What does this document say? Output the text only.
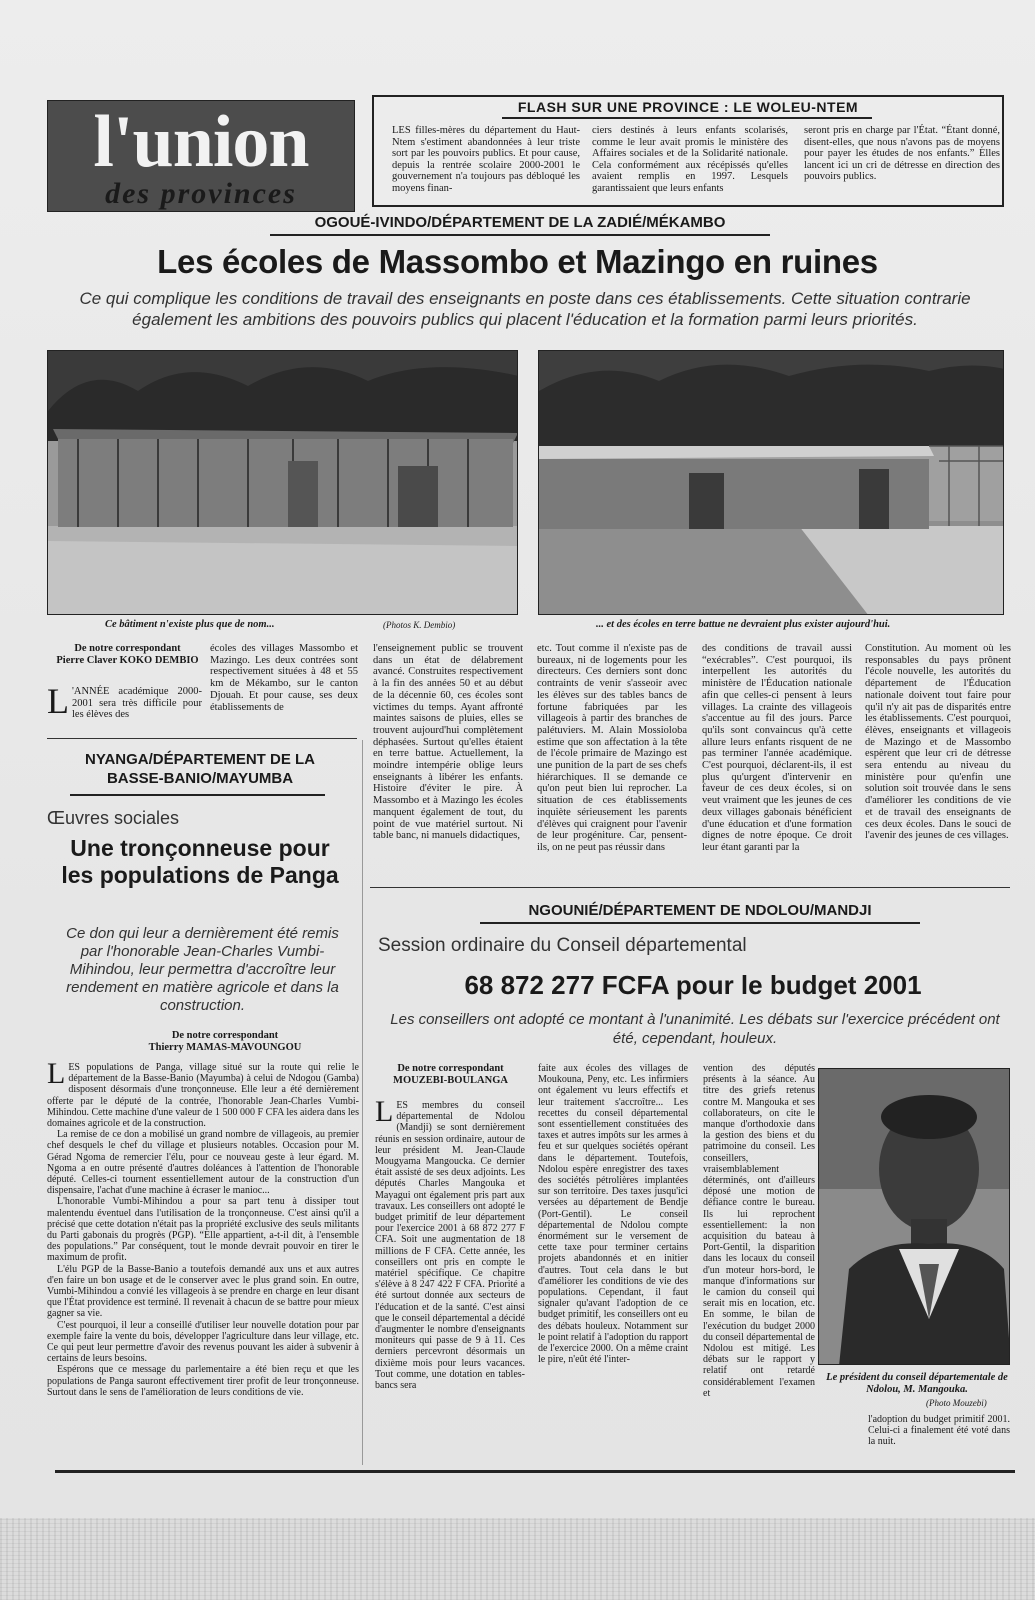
l'union
des provinces
FLASH SUR UNE PROVINCE : LE WOLEU-NTEM
LES filles-mères du département du Haut-Ntem s'estiment abandonnées à leur triste sort par les pouvoirs publics. Et pour cause, depuis la rentrée scolaire 2000-2001 le gouvernement n'a toujours pas débloqué les moyens finan-
ciers destinés à leurs enfants scolarisés, comme le leur avait promis le ministère des Affaires sociales et de la Solidarité nationale. Cela conformément aux récépissés qu'elles avaient remplis en 1997. Lesquels garantissaient que leurs enfants
seront pris en charge par l'État. “Étant donné, disent-elles, que nous n'avons pas de moyens pour payer les études de nos enfants.” Elles lancent ici un cri de détresse en direction des pouvoirs publics.
OGOUÉ-IVINDO/DÉPARTEMENT DE LA ZADIÉ/MÉKAMBO
Les écoles de Massombo et Mazingo en ruines
Ce qui complique les conditions de travail des enseignants en poste dans ces établissements. Cette situation contrarie également les ambitions des pouvoirs publics qui placent l'éducation et la formation parmi leurs priorités.
Ce bâtiment n'existe plus que de nom...	(Photos K. Dembio)	... et des écoles en terre battue ne devraient plus exister aujourd'hui.
De notre correspondant
Pierre Claver KOKO DEMBIO
L 'ANNÉE académique 2000-2001 sera très difficile pour les élèves des
écoles des villages Massombo et Mazingo. Les deux contrées sont respectivement situées à 48 et 55 km de Mékambo, sur le canton Djouah. Et pour cause, ses deux établissements de
l'enseignement public se trouvent dans un état de délabrement avancé. Construites respectivement à la fin des années 50 et au début de la décennie 60, ces écoles sont victimes du temps. Ayant affronté maintes saisons de pluies, elles se trouvent aujourd'hui complètement déphasées. Surtout qu'elles étaient en terre battue. Actuellement, la moindre intempérie oblige leurs enseignants à libérer les enfants. Histoire d'éviter le pire. À Massombo et à Mazingo les écoles manquent également de tout, du point de vue matériel surtout. Ni table banc, ni manuels didactiques,
etc. Tout comme il n'existe pas de bureaux, ni de logements pour les directeurs. Ces derniers sont donc contraints de venir s'asseoir avec les élèves sur des tables bancs de fortune fabriquées par les villageois à partir des branches de palétuviers. M. Alain Mossioloba estime que son affectation à la tête de l'école primaire de Mazingo est une punition de la part de ses chefs hiérarchiques. Il se demande ce qu'on peut bien lui reprocher. La situation de ces établissements inquiète sérieusement les parents d'élèves qui craignent pour l'avenir de leur progéniture. Car, pensent-ils, on ne peut pas réussir dans
des conditions de travail aussi “exécrables”. C'est pourquoi, ils interpellent les autorités du ministère de l'Éducation nationale afin que celles-ci pensent à leurs villages. La crainte des villageois s'accentue au fil des jours. Parce qu'ils sont convaincus qu'à cette allure leurs enfants risquent de ne pas terminer l'année académique. C'est pourquoi, déclarent-ils, il est plus qu'urgent d'intervenir en faveur de ces deux écoles, si on veut vraiment que les jeunes de ces deux villages gabonais bénéficient d'une éducation et d'une formation dignes de notre époque. Ce droit leur étant garanti par la
Constitution. Au moment où les responsables du pays prônent l'école nouvelle, les autorités du département de l'Éducation nationale doivent tout faire pour qu'il n'y ait pas de disparités entre les établissements. C'est pourquoi, élèves, enseignants et villageois de Mazingo et de Massombo espèrent que leur cri de détresse sera entendu au niveau du ministère pour qu'enfin une solution soit trouvée dans le sens d'améliorer les conditions de vie et de travail des enseignants de ces deux écoles. Dans le souci de l'avenir des jeunes de ces villages.
NYANGA/DÉPARTEMENT DE LA BASSE-BANIO/MAYUMBA
Œuvres sociales
Une tronçonneuse pour les populations de Panga
Ce don qui leur a dernièrement été remis par l'honorable Jean-Charles Vumbi-Mihindou, leur permettra d'accroître leur rendement en matière agricole et dans la construction.
De notre correspondant
Thierry MAMAS-MAVOUNGOU
LES populations de Panga, village situé sur la route qui relie le département de la Basse-Banio (Mayumba) à celui de Ndogou (Gamba) disposent désormais d'une tronçonneuse. Elle leur a été dernièrement offerte par le député de la contrée, l'honorable Jean-Charles Vumbi-Mihindou. Cette machine d'une valeur de 1 500 000 F CFA les aidera dans les domaines agricole et de la construction.

La remise de ce don a mobilisé un grand nombre de villageois, au premier chef desquels le chef du village et plusieurs notables. Occasion pour M. Gérad Ngoma de remercier l'élu, pour ce nouveau geste à leur égard. M. Ngoma a en outre présenté d'autres doléances à l'attention de l'honorable député. Celles-ci tournent essentiellement autour de la construction d'un dispensaire, l'achat d'une machine à écraser le manioc...

L'honorable Vumbi-Mihindou a pour sa part tenu à dissiper tout malentendu éventuel dans l'utilisation de la tronçonneuse. C'est ainsi qu'il a précisé que cette dotation n'était pas la propriété exclusive des seuls militants du Parti gabonais du progrès (PGP). “Elle appartient, a-t-il dit, à l'ensemble des populations.” Par conséquent, tout le monde devrait pouvoir en tirer le maximum de profit.

L'élu PGP de la Basse-Banio a toutefois demandé aux uns et aux autres d'en faire un bon usage et de le conserver avec le plus grand soin. En outre, Vumbi-Mihindou a convié les villageois à se prendre en charge en leur disant que l'État providence est terminé. Il revenait à chacun de se battre pour mieux gagner sa vie.

C'est pourquoi, il leur a conseillé d'utiliser leur nouvelle dotation pour par exemple faire la vente du bois, développer l'agriculture dans leur village, etc. Ce qui peut leur permettre d'avoir des revenus pouvant les aider à subvenir à certains de leurs besoins.

Espérons que ce message du parlementaire a été bien reçu et que les populations de Panga sauront effectivement tirer profit de leur tronçonneuse. Surtout dans le sens de l'amélioration de leurs conditions de vie.

NGOUNIÉ/DÉPARTEMENT DE NDOLOU/MANDJI
Session ordinaire du Conseil départemental
68 872 277 FCFA pour le budget 2001
Les conseillers ont adopté ce montant à l'unanimité. Les débats sur l'exercice précédent ont été, cependant, houleux.
De notre correspondant
MOUZEBI-BOULANGA
LES membres du conseil départemental de Ndolou (Mandji) se sont dernièrement réunis en session ordinaire, autour de leur président M. Jean-Claude Mougyama Mangoucka. Ce dernier était assisté de ses deux adjoints. Les députés Charles Mangouka et Mayagui ont également pris part aux travaux. Les conseillers ont adopté le budget primitif de leur département pour l'exercice 2001 à 68 872 277 F CFA. Soit une augmentation de 18 millions de F CFA. Cette année, les conseillers ont pris en compte le matériel spécifique. Ce chapitre s'élève à 8 247 422 F CFA. Priorité a été surtout donnée aux secteurs de l'éducation et de la santé. C'est ainsi que le conseil départemental a décidé d'augmenter le nombre d'enseignants moniteurs qui passe de 9 à 11. Ces derniers percevront désormais un dixième mois pour leurs vacances. Tout comme, une dotation en tables-bancs sera
faite aux écoles des villages de Moukouna, Peny, etc. Les infirmiers ont également vu leurs effectifs et leur traitement s'accroître... Les recettes du conseil départemental sont essentiellement constituées des taxes et autres impôts sur les armes à feu et sur quelques sociétés opérant dans le département. Toutefois, Ndolou espère enregistrer des taxes des sociétés pétrolières implantées sur son territoire. Des taxes jusqu'ici versées au département de Bendje (Port-Gentil). Le conseil départemental de Ndolou compte énormément sur le versement de cette taxe pour terminer certains projets abandonnés et en initier d'autres. Tout cela dans le but d'améliorer les conditions de vie des populations. Cependant, il faut signaler qu'avant l'adoption de ce budget primitif, les conseillers ont eu des débats houleux. Notamment sur le point relatif à l'adoption du rapport de l'exercice 2000. On a même craint le pire, n'eût été l'inter-
vention des députés présents à la séance. Au titre des griefs retenus contre M. Mangouka et ses collaborateurs, on cite le manque d'orthodoxie dans la gestion des biens et du patrimoine du conseil. Les conseillers, vraisemblablement déterminés, ont d'ailleurs déposé une motion de défiance contre le bureau. Ils lui reprochent essentiellement: la non acquisition du bateau à Port-Gentil, la disparition dans les locaux du conseil d'un moteur hors-bord, le manque d'informations sur le camion du conseil qui serait mis en location, etc. En somme, le bilan de l'exécution du budget 2000 du conseil départemental de Ndolou est mitigé. Les débats sur le rapport y relatif ont retardé considérablement l'examen et
Le président du conseil départementale de Ndolou, M. Mangouka.
(Photo Mouzebi)
l'adoption du budget primitif 2001. Celui-ci a finalement été voté dans la nuit.
